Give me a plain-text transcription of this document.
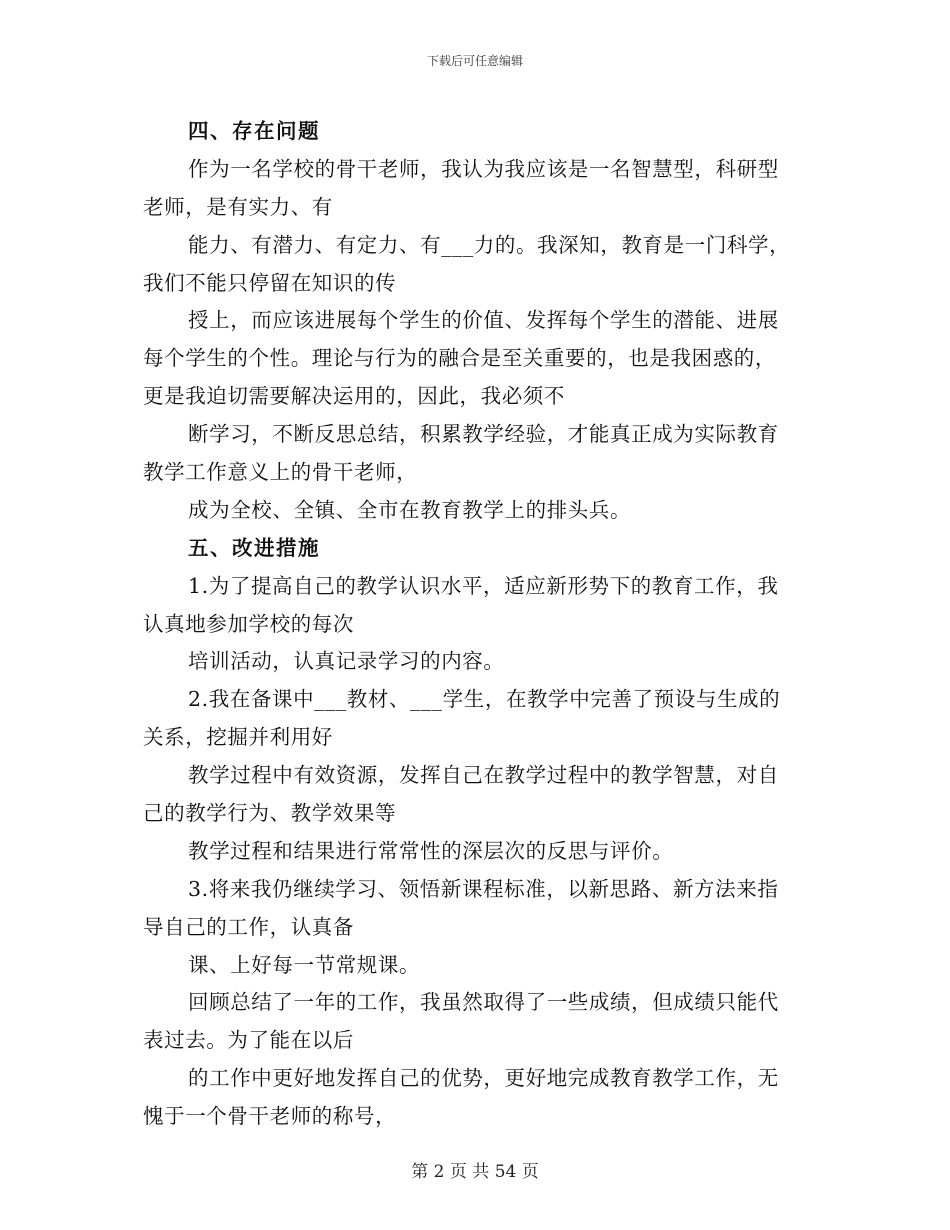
下载后可任意编辑
四、存在问题
作为一名学校的骨干老师，我认为我应该是一名智慧型，科研型
老师，是有实力、有
能力、有潜力、有定力、有___力的。我深知，教育是一门科学，
我们不能只停留在知识的传
授上，而应该进展每个学生的价值、发挥每个学生的潜能、进展
每个学生的个性。理论与行为的融合是至关重要的，也是我困惑的，
更是我迫切需要解决运用的，因此，我必须不
断学习，不断反思总结，积累教学经验，才能真正成为实际教育
教学工作意义上的骨干老师，
成为全校、全镇、全市在教育教学上的排头兵。
五、改进措施
1.为了提高自己的教学认识水平，适应新形势下的教育工作，我
认真地参加学校的每次
培训活动，认真记录学习的内容。
2.我在备课中___教材、___学生，在教学中完善了预设与生成的
关系，挖掘并利用好
教学过程中有效资源，发挥自己在教学过程中的教学智慧，对自
己的教学行为、教学效果等
教学过程和结果进行常常性的深层次的反思与评价。
3.将来我仍继续学习、领悟新课程标准，以新思路、新方法来指
导自己的工作，认真备
课、上好每一节常规课。
回顾总结了一年的工作，我虽然取得了一些成绩，但成绩只能代
表过去。为了能在以后
的工作中更好地发挥自己的优势，更好地完成教育教学工作，无
愧于一个骨干老师的称号，
第 2 页 共 54 页
